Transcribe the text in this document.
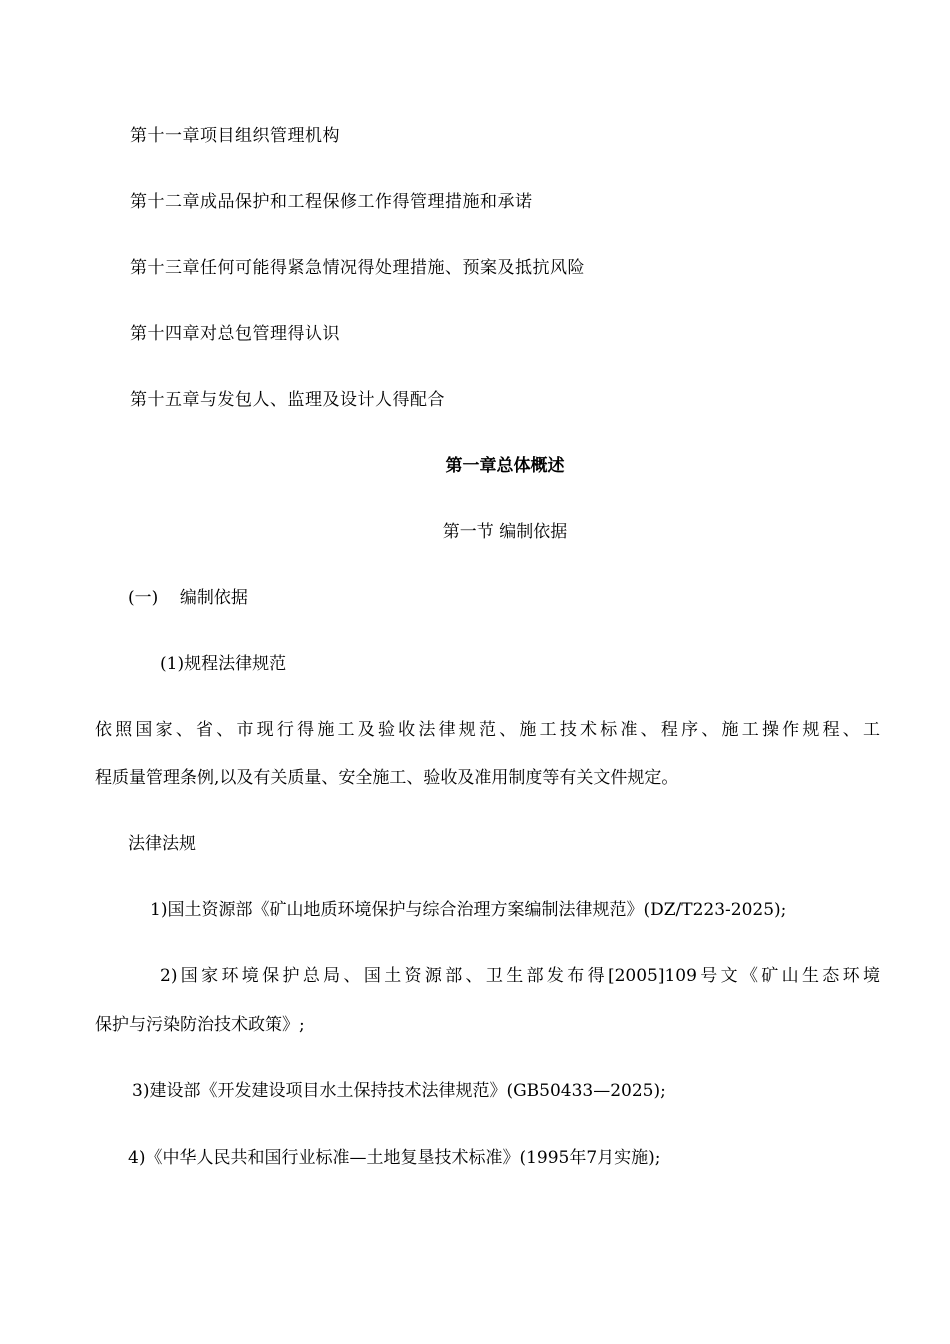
第十一章项目组织管理机构
第十二章成品保护和工程保修工作得管理措施和承诺
第十三章任何可能得紧急情况得处理措施、预案及抵抗风险
第十四章对总包管理得认识
第十五章与发包人、监理及设计人得配合
第一章总体概述
第一节 编制依据
(一)    编制依据
(1)规程法律规范
依照国家、省、市现行得施工及验收法律规范、施工技术标准、程序、施工操作规程、工
程质量管理条例,以及有关质量、安全施工、验收及准用制度等有关文件规定。
法律法规
1)国土资源部《矿山地质环境保护与综合治理方案编制法律规范》(DZ/T223-2025);
2)国家环境保护总局、国土资源部、卫生部发布得[2005]109号文《矿山生态环境
保护与污染防治技术政策》;
3)建设部《开发建设项目水土保持技术法律规范》(GB50433—2025);
4)《中华人民共和国行业标准—土地复垦技术标准》(1995年7月实施);
